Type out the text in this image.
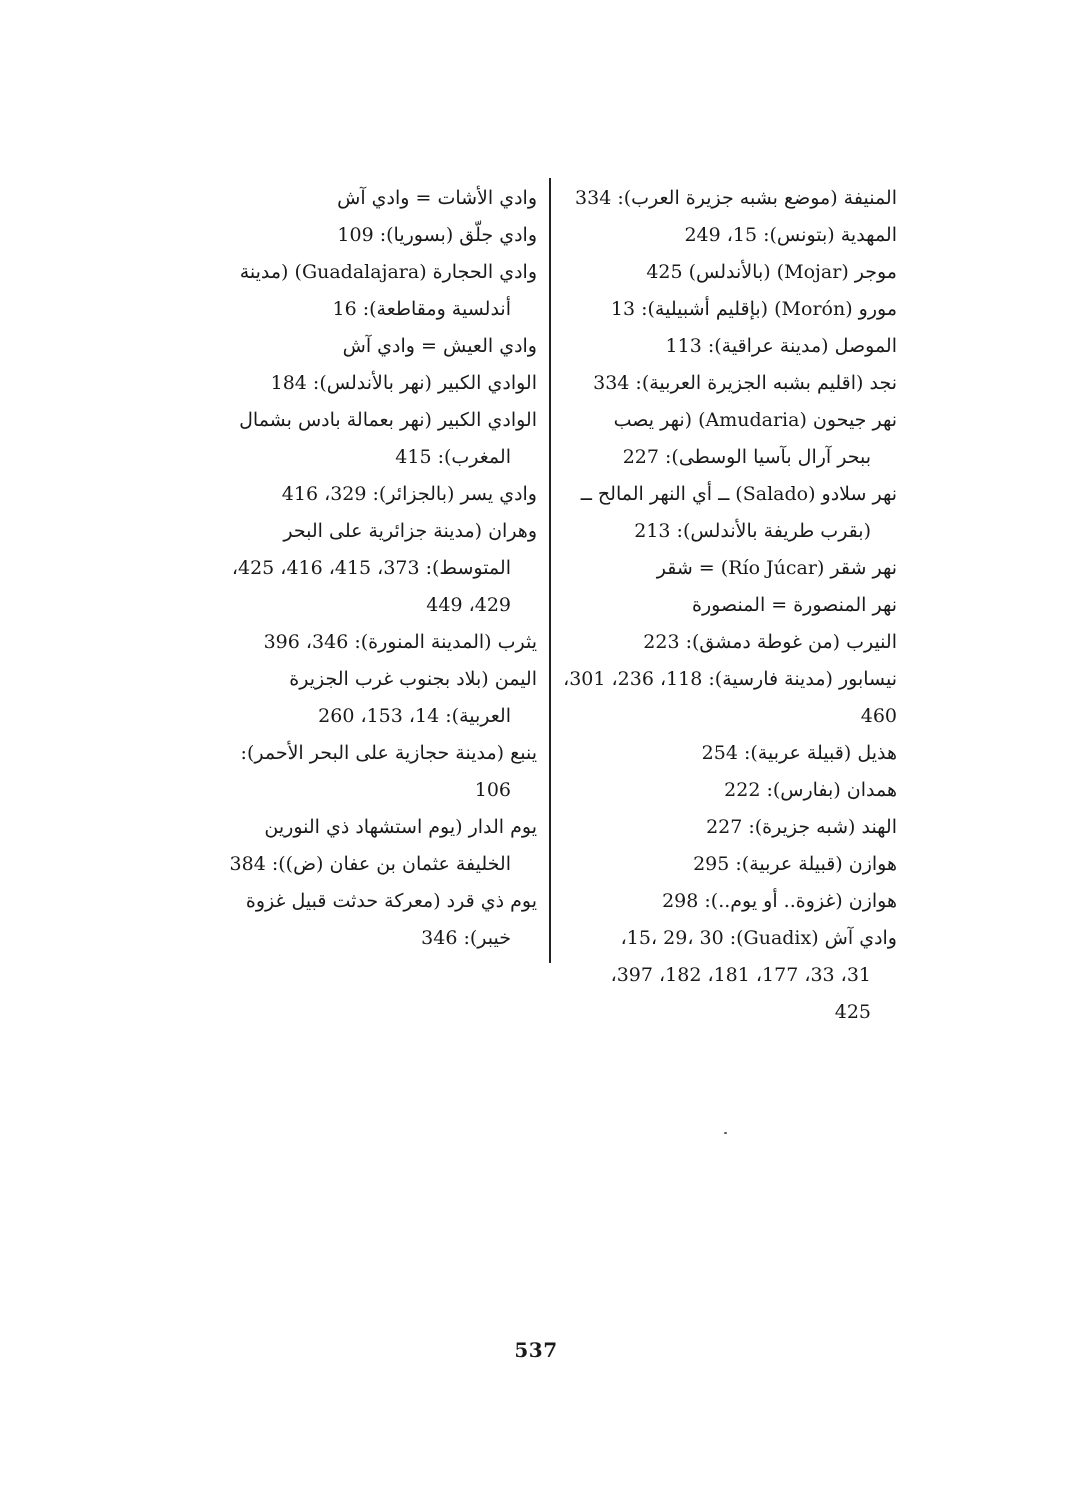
المنيفة (موضع بشبه جزيرة العرب): 334
المهدية (بتونس): 15، 249
موجر (Mojar) (بالأندلس) 425
مورو (Morón) (بإقليم أشبيلية): 13
الموصل (مدينة عراقية): 113
نجد (اقليم بشبه الجزيرة العربية): 334
نهر جيحون (Amudaria) (نهر يصب
ببحر آرال بآسيا الوسطى): 227
نهر سلادو (Salado) ــ أي النهر المالح ــ
(بقرب طريفة بالأندلس): 213
نهر شقر (Río Júcar) = شقر
نهر المنصورة = المنصورة
النيرب (من غوطة دمشق): 223
نيسابور (مدينة فارسية): 118، 236، 301، 460
هذيل (قبيلة عربية): 254
همدان (بفارس): 222
الهند (شبه جزيرة): 227
هوازن (قبيلة عربية): 295
هوازن (غزوة.. أو يوم..): 298
وادي آش (Guadix): 15، 29، 30،
31، 33، 177، 181، 182، 397،
425
وادي الأشات = وادي آش
وادي جلّق (بسوريا): 109
وادي الحجارة (Guadalajara) (مدينة
أندلسية ومقاطعة): 16
وادي العيش = وادي آش
الوادي الكبير (نهر بالأندلس): 184
الوادي الكبير (نهر بعمالة بادس بشمال
المغرب): 415
وادي يسر (بالجزائر): 329، 416
وهران (مدينة جزائرية على البحر
المتوسط): 373، 415، 416، 425،
429، 449
يثرب (المدينة المنورة): 346، 396
اليمن (بلاد بجنوب غرب الجزيرة
العربية): 14، 153، 260
ينبع (مدينة حجازية على البحر الأحمر):
106
يوم الدار (يوم استشهاد ذي النورين
الخليفة عثمان بن عفان (ض)): 384
يوم ذي قرد (معركة حدثت قبيل غزوة
خيبر): 346
537
